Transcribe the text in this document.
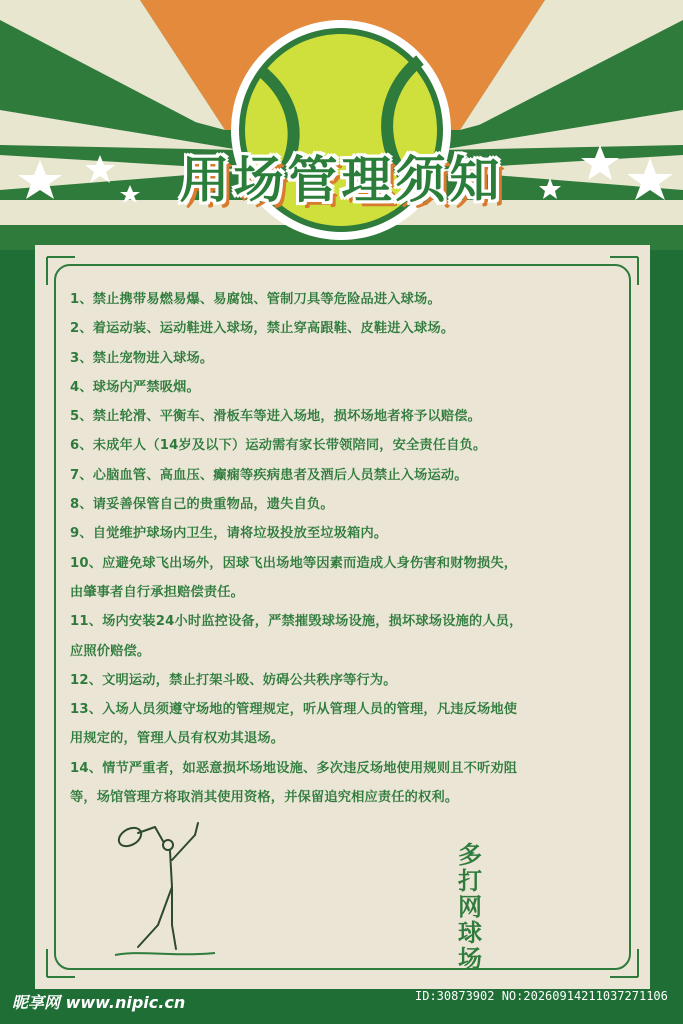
用场管理须知
1、禁止携带易燃易爆、易腐蚀、管制刀具等危险品进入球场。
2、着运动装、运动鞋进入球场，禁止穿高跟鞋、皮鞋进入球场。
3、禁止宠物进入球场。
4、球场内严禁吸烟。
5、禁止轮滑、平衡车、滑板车等进入场地，损坏场地者将予以赔偿。
6、未成年人（14岁及以下）运动需有家长带领陪同，安全责任自负。
7、心脑血管、高血压、癫痫等疾病患者及酒后人员禁止入场运动。
8、请妥善保管自己的贵重物品，遗失自负。
9、自觉维护球场内卫生，请将垃圾投放至垃圾箱内。
10、应避免球飞出场外，因球飞出场地等因素而造成人身伤害和财物损失，
由肇事者自行承担赔偿责任。
11、场内安装24小时监控设备，严禁摧毁球场设施，损坏球场设施的人员，
应照价赔偿。
12、文明运动，禁止打架斗殴、妨碍公共秩序等行为。
13、入场人员须遵守场地的管理规定，听从管理人员的管理，凡违反场地使
用规定的，管理人员有权劝其退场。
14、情节严重者，如恶意损坏场地设施、多次违反场地使用规则且不听劝阻
等，场馆管理方将取消其使用资格，并保留追究相应责任的权利。
多打网球场
昵享网 www.nipic.cn	ID:30873902 NO:20260914211037271106
